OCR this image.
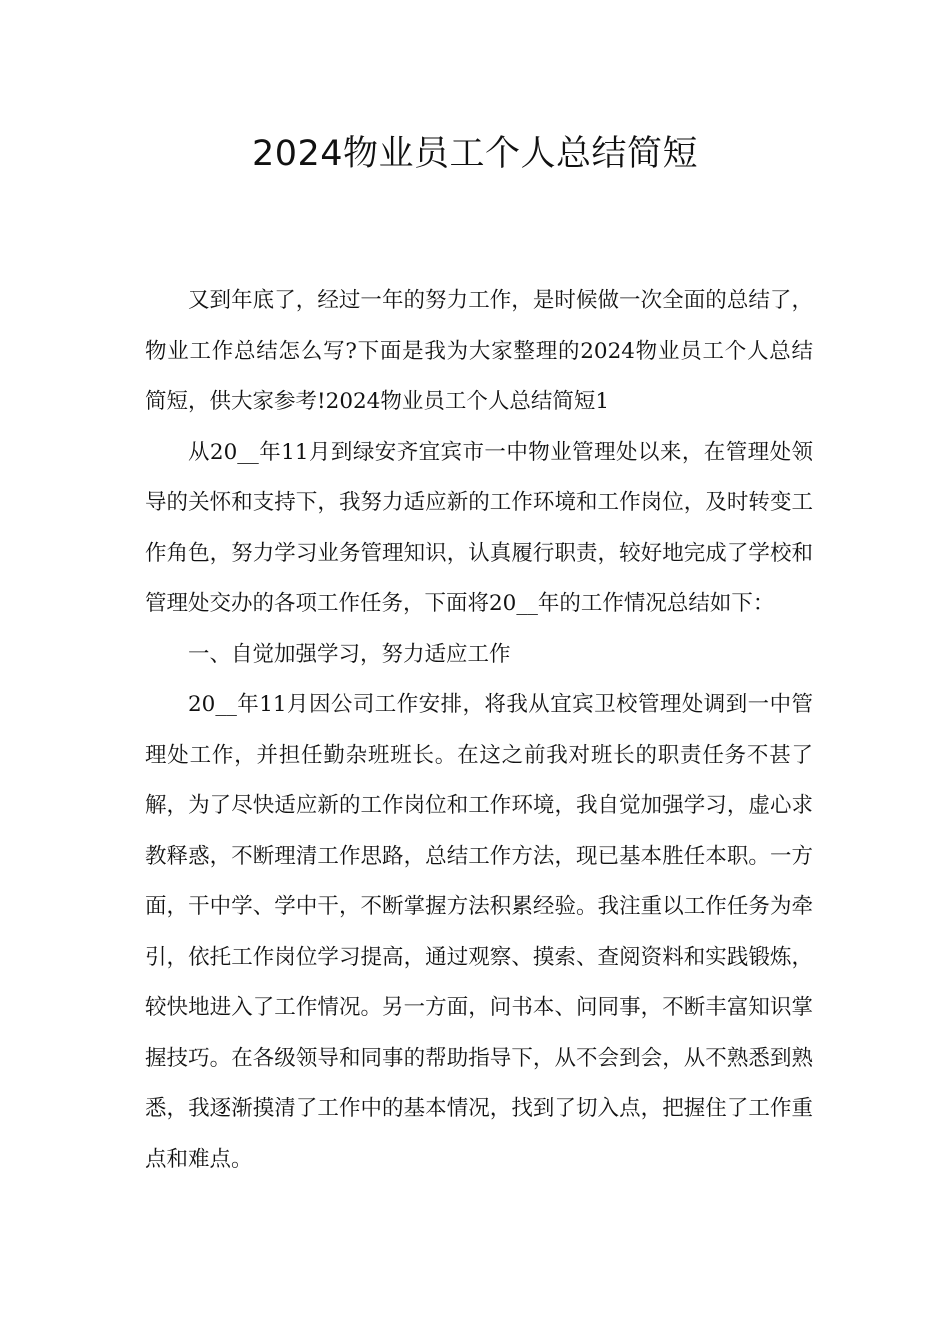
2024物业员工个人总结简短

又到年底了，经过一年的努力工作，是时候做一次全面的总结了，物业工作总结怎么写?下面是我为大家整理的2024物业员工个人总结简短，供大家参考!2024物业员工个人总结简短1

从20__年11月到绿安齐宜宾市一中物业管理处以来，在管理处领导的关怀和支持下，我努力适应新的工作环境和工作岗位，及时转变工作角色，努力学习业务管理知识，认真履行职责，较好地完成了学校和管理处交办的各项工作任务，下面将20__年的工作情况总结如下：

一、自觉加强学习，努力适应工作

20__年11月因公司工作安排，将我从宜宾卫校管理处调到一中管理处工作，并担任勤杂班班长。在这之前我对班长的职责任务不甚了解，为了尽快适应新的工作岗位和工作环境，我自觉加强学习，虚心求教释惑，不断理清工作思路，总结工作方法，现已基本胜任本职。一方面，干中学、学中干，不断掌握方法积累经验。我注重以工作任务为牵引，依托工作岗位学习提高，通过观察、摸索、查阅资料和实践锻炼，较快地进入了工作情况。另一方面，问书本、问同事，不断丰富知识掌握技巧。在各级领导和同事的帮助指导下，从不会到会，从不熟悉到熟悉，我逐渐摸清了工作中的基本情况，找到了切入点，把握住了工作重点和难点。
